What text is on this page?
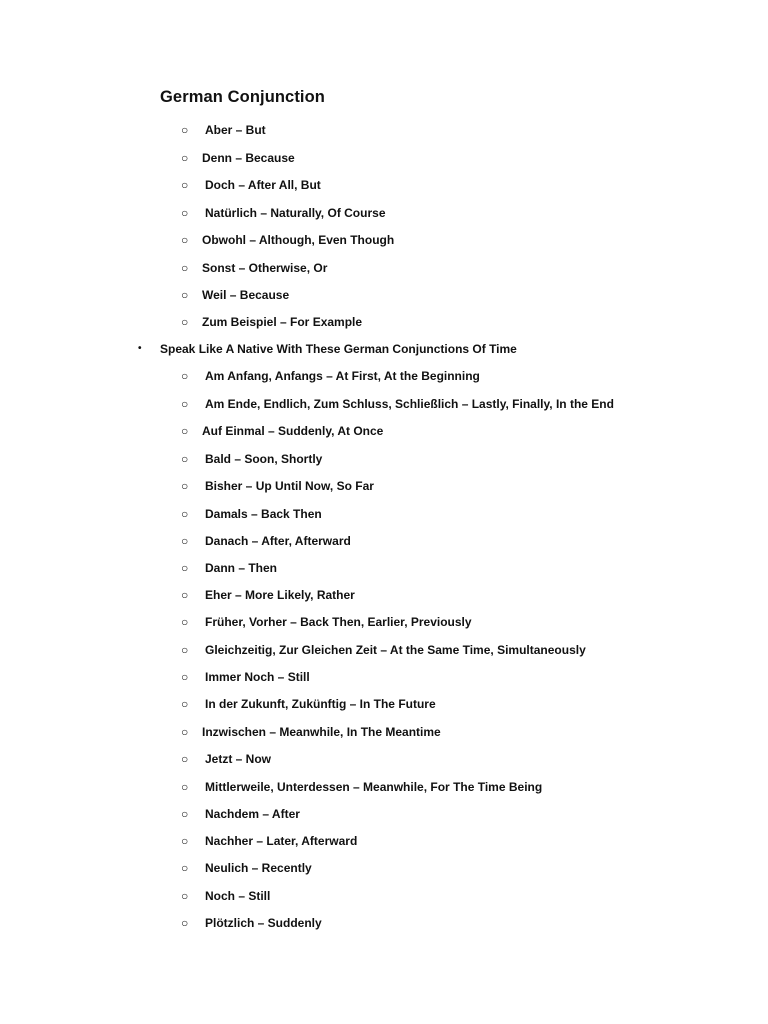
German Conjunction
○ Aber – But
○ Denn – Because
○ Doch – After All, But
○ Natürlich – Naturally, Of Course
○ Obwohl – Although, Even Though
○ Sonst – Otherwise, Or
○ Weil – Because
○ Zum Beispiel – For Example
• Speak Like A Native With These German Conjunctions Of Time
○ Am Anfang, Anfangs – At First, At the Beginning
○ Am Ende, Endlich, Zum Schluss, Schließlich – Lastly, Finally, In the End
○ Auf Einmal – Suddenly, At Once
○ Bald – Soon, Shortly
○ Bisher – Up Until Now, So Far
○ Damals – Back Then
○ Danach – After, Afterward
○ Dann – Then
○ Eher – More Likely, Rather
○ Früher, Vorher – Back Then, Earlier, Previously
○ Gleichzeitig, Zur Gleichen Zeit – At the Same Time, Simultaneously
○ Immer Noch – Still
○ In der Zukunft, Zukünftig – In The Future
○ Inzwischen – Meanwhile, In The Meantime
○ Jetzt – Now
○ Mittlerweile, Unterdessen – Meanwhile, For The Time Being
○ Nachdem – After
○ Nachher – Later, Afterward
○ Neulich – Recently
○ Noch – Still
○ Plötzlich – Suddenly
